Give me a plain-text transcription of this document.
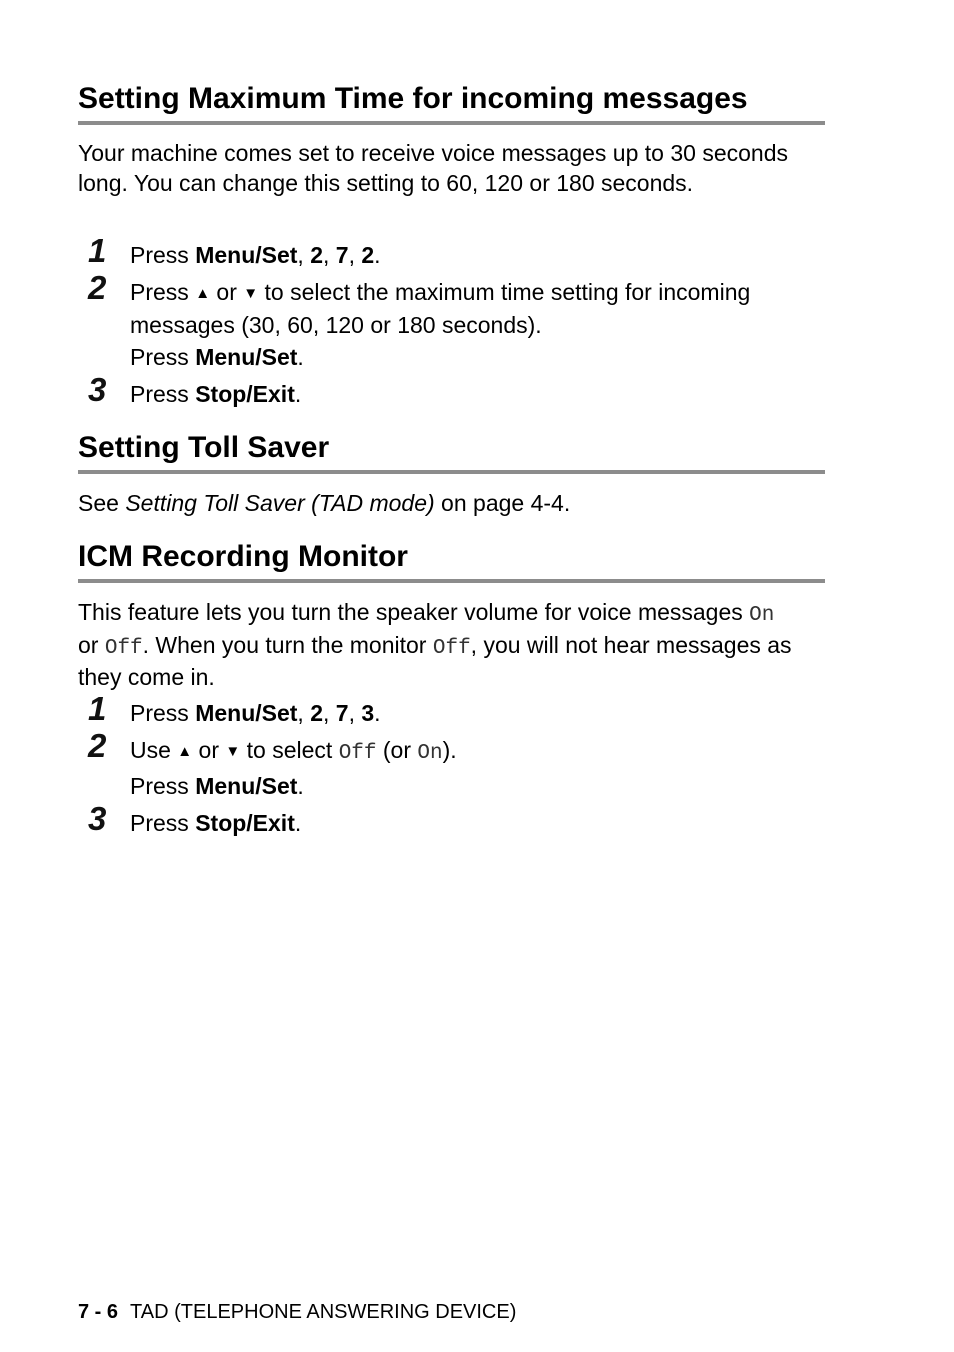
Setting Maximum Time for incoming messages
Your machine comes set to receive voice messages up to 30 seconds long. You can change this setting to 60, 120 or 180 seconds.
1 Press Menu/Set, 2, 7, 2.
2 Press ▲ or ▼ to select the maximum time setting for incoming messages (30, 60, 120 or 180 seconds).
Press Menu/Set.
3 Press Stop/Exit.
Setting Toll Saver
See Setting Toll Saver (TAD mode) on page 4-4.
ICM Recording Monitor
This feature lets you turn the speaker volume for voice messages On
or Off. When you turn the monitor Off, you will not hear messages as they come in.
1 Press Menu/Set, 2, 7, 3.
2 Use ▲ or ▼ to select Off (or On).
Press Menu/Set.
3 Press Stop/Exit.
7 - 6 TAD (TELEPHONE ANSWERING DEVICE)
